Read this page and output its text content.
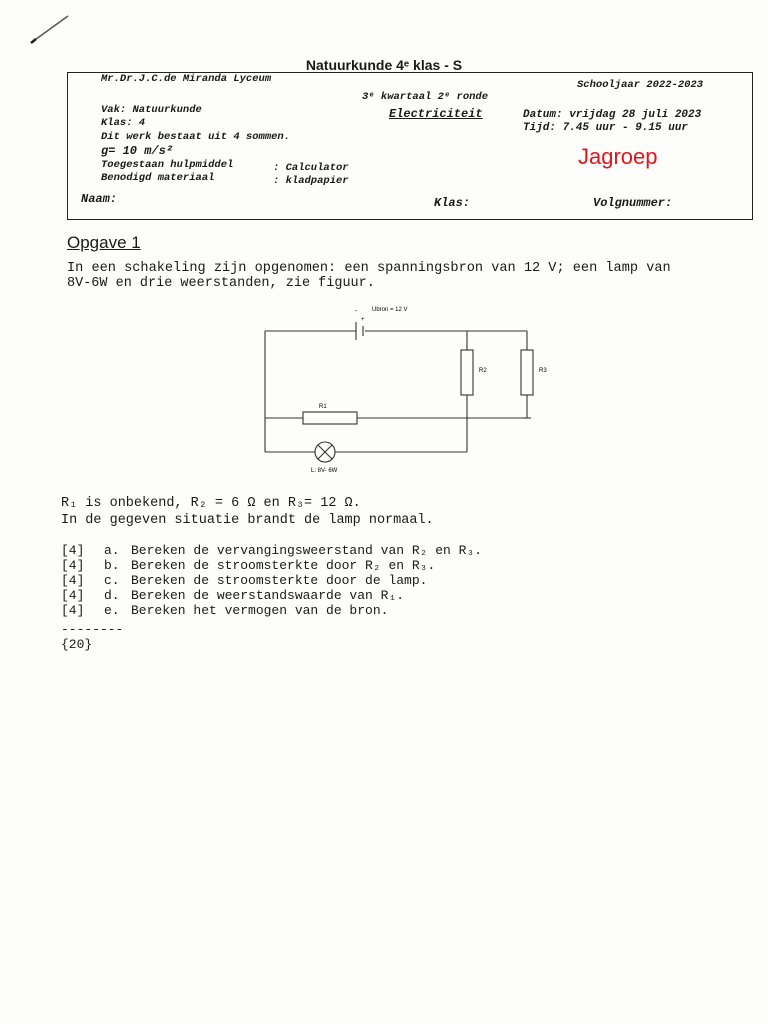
Natuurkunde 4ᵉ klas - S
Mr.Dr.J.C.de Miranda Lyceum	Schooljaar 2022-2023
3ᵉ kwartaal 2ᵉ ronde
Electriciteit
Vak: Natuurkunde
Klas: 4
Dit werk bestaat uit 4 sommen.
g= 10 m/s²
Toegestaan hulpmiddel	: Calculator
Benodigd materiaal	: kladpapier
Datum: vrijdag 28 juli 2023
Tijd: 7.45 uur - 9.15 uur
Jagroep
Naam:	Klas:	Volgnummer:
Opgave 1
In een schakeling zijn opgenomen: een spanningsbron van 12 V; een lamp van
8V-6W en drie weerstanden, zie figuur.
-
+
Ubron = 12 V
R2	R3
R1
L: 8V- 6W
R₁ is onbekend, R₂ = 6 Ω en R₃= 12 Ω.
In de gegeven situatie brandt de lamp normaal.
[4] a. Bereken de vervangingsweerstand van R₂ en R₃.
[4] b. Bereken de stroomsterkte door R₂ en R₃.
[4] c. Bereken de stroomsterkte door de lamp.
[4] d. Bereken de weerstandswaarde van R₁.
[4] e. Bereken het vermogen van de bron.
--------
{20}
